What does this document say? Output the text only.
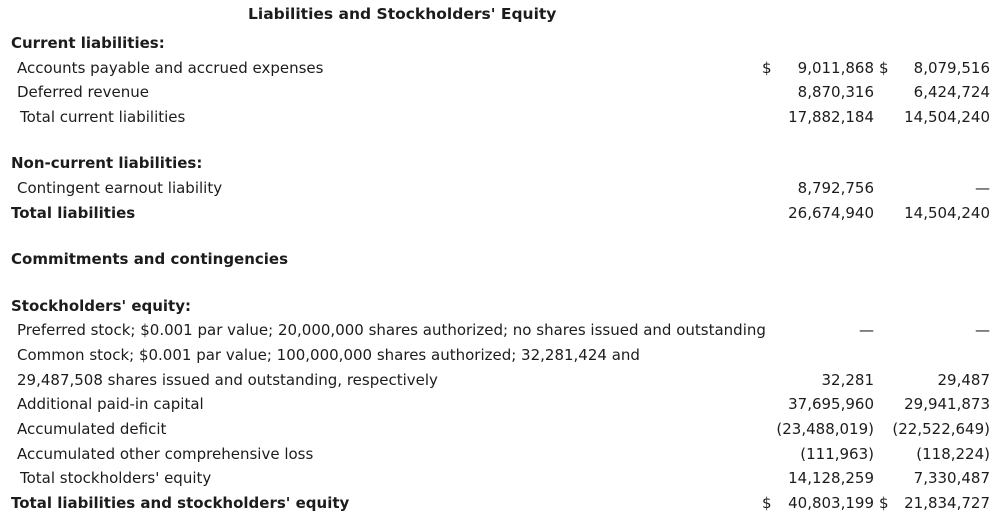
Liabilities and Stockholders' Equity
Current liabilities:
Accounts payable and accrued expenses	$ 9,011,868 $ 8,079,516
Deferred revenue	8,870,316	6,424,724
Total current liabilities	17,882,184 14,504,240
Non-current liabilities:
Contingent earnout liability	8,792,756	—
Total liabilities	26,674,940 14,504,240
Commitments and contingencies
Stockholders' equity:
Preferred stock; $0.001 par value; 20,000,000 shares authorized; no shares issued and outstanding	—	—
Common stock; $0.001 par value; 100,000,000 shares authorized; 32,281,424 and
29,487,508 shares issued and outstanding, respectively	32,281	29,487
Additional paid-in capital	37,695,960 29,941,873
Accumulated deficit	(23,488,019) (22,522,649)
Accumulated other comprehensive loss	(111,963)	(118,224)
Total stockholders' equity	14,128,259	7,330,487
Total liabilities and stockholders' equity	$ 40,803,199 $ 21,834,727
